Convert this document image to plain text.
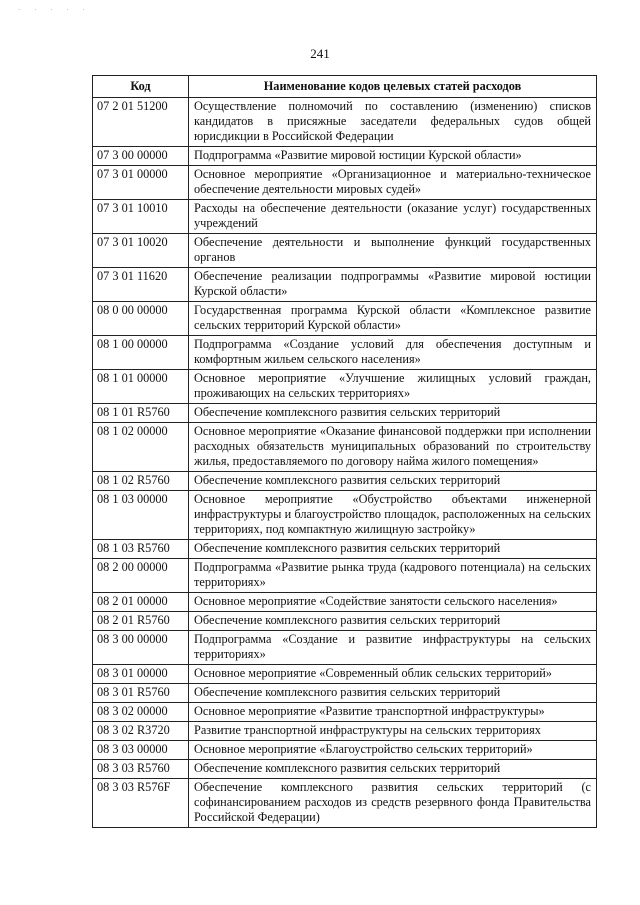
· · · · ·
241
Код	Наименование кодов целевых статей расходов
07 2 01 51200	Осуществление полномочий по составлению (изменению) списков кандидатов в присяжные заседатели федеральных судов общей юрисдикции в Российской Федерации
07 3 00 00000	Подпрограмма «Развитие мировой юстиции Курской области»
07 3 01 00000	Основное мероприятие «Организационное и материально-техническое обеспечение деятельности мировых судей»
07 3 01 10010	Расходы на обеспечение деятельности (оказание услуг) государственных учреждений
07 3 01 10020	Обеспечение деятельности и выполнение функций государственных органов
07 3 01 11620	Обеспечение реализации подпрограммы «Развитие мировой юстиции Курской области»
08 0 00 00000	Государственная программа Курской области «Комплексное развитие сельских территорий Курской области»
08 1 00 00000	Подпрограмма «Создание условий для обеспечения доступным и комфортным жильем сельского населения»
08 1 01 00000	Основное мероприятие «Улучшение жилищных условий граждан, проживающих на сельских территориях»
08 1 01 R5760	Обеспечение комплексного развития сельских территорий
08 1 02 00000	Основное мероприятие «Оказание финансовой поддержки при исполнении расходных обязательств муниципальных образований по строительству жилья, предоставляемого по договору найма жилого помещения»
08 1 02 R5760	Обеспечение комплексного развития сельских территорий
08 1 03 00000	Основное мероприятие «Обустройство объектами инженерной инфраструктуры и благоустройство площадок, расположенных на сельских территориях, под компактную жилищную застройку»
08 1 03 R5760	Обеспечение комплексного развития сельских территорий
08 2 00 00000	Подпрограмма «Развитие рынка труда (кадрового потенциала) на сельских территориях»
08 2 01 00000	Основное мероприятие «Содействие занятости сельского населения»
08 2 01 R5760	Обеспечение комплексного развития сельских территорий
08 3 00 00000	Подпрограмма «Создание и развитие инфраструктуры на сельских территориях»
08 3 01 00000	Основное мероприятие «Современный облик сельских территорий»
08 3 01 R5760	Обеспечение комплексного развития сельских территорий
08 3 02 00000	Основное мероприятие «Развитие транспортной инфраструктуры»
08 3 02 R3720	Развитие транспортной инфраструктуры на сельских территориях
08 3 03 00000	Основное мероприятие «Благоустройство сельских территорий»
08 3 03 R5760	Обеспечение комплексного развития сельских территорий
08 3 03 R576F	Обеспечение комплексного развития сельских территорий (с софинансированием расходов из средств резервного фонда Правительства Российской Федерации)
